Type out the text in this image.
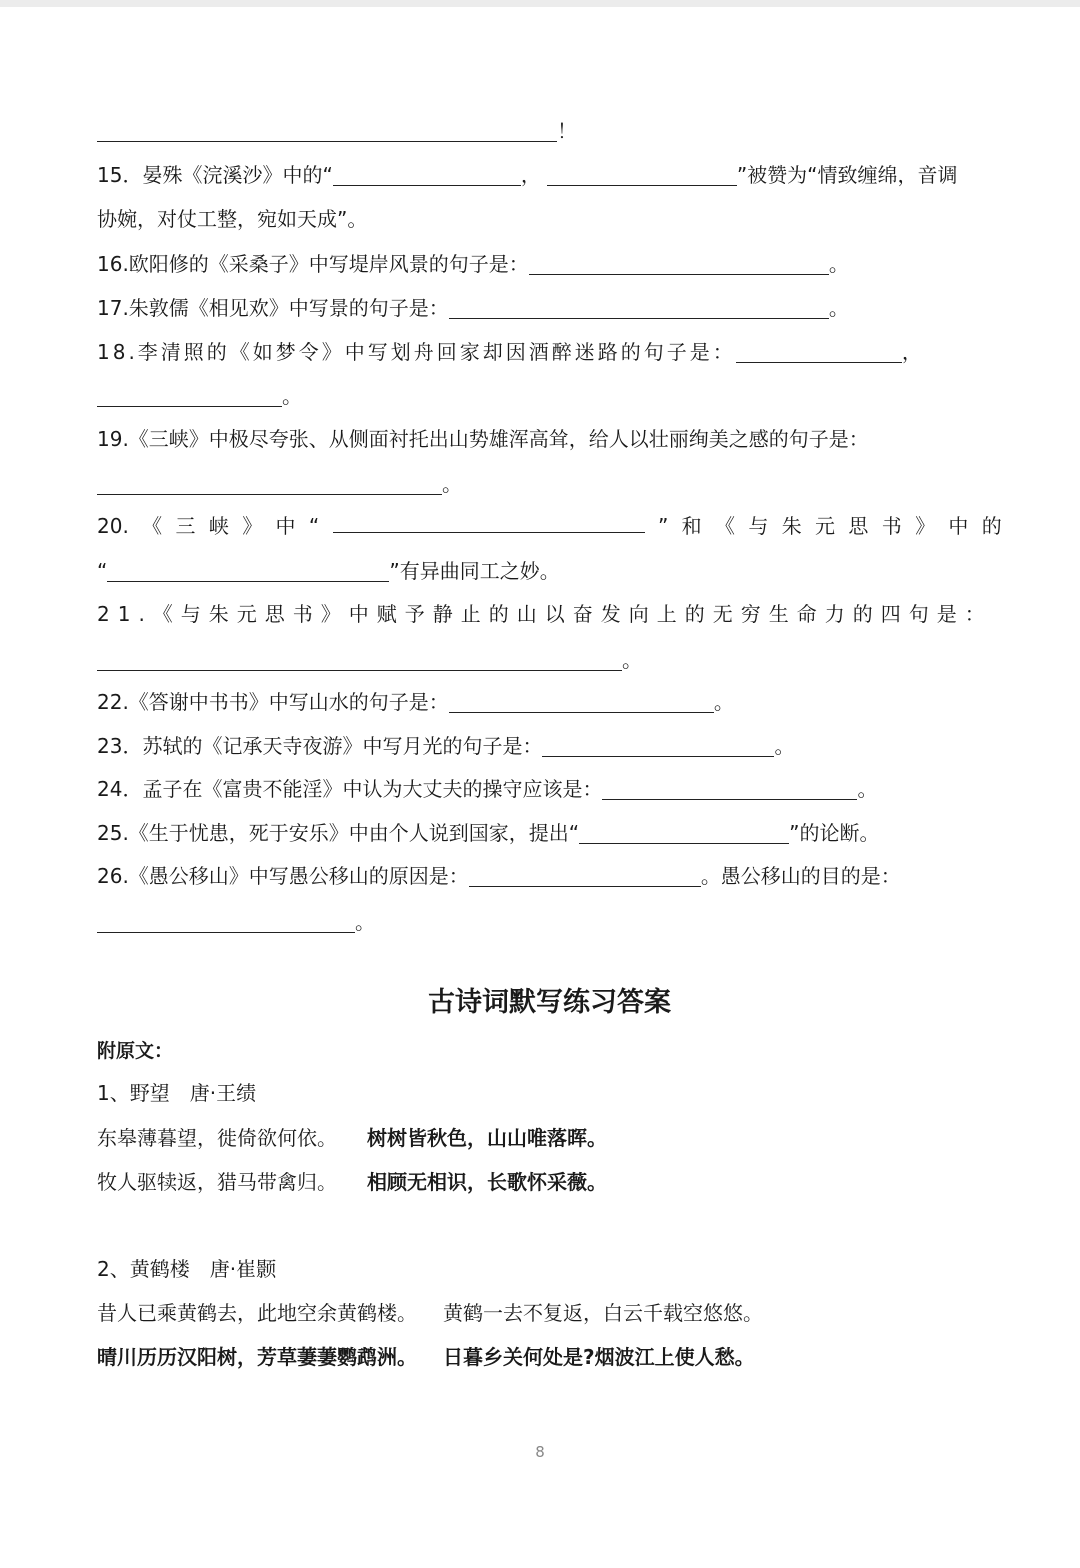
！
15．晏殊《浣溪沙》中的“	，	”被赞为“情致缠绵，音调
协婉，对仗工整，宛如天成”。
16.欧阳修的《采桑子》中写堤岸风景的句子是：	。
17.朱敦儒《相见欢》中写景的句子是：	。
18.李清照的《如梦令》中写划舟回家却因酒醉迷路的句子是：	，
。
19.《三峡》中极尽夸张、从侧面衬托出山势雄浑高耸，给人以壮丽绚美之感的句子是：
。
20. 《 三 峡 》 中 “	” 和 《 与 朱 元 思 书 》 中 的
“	”有异曲同工之妙。
21.《与朱元思书》中赋予静止的山以奋发向上的无穷生命力的四句是：
。
22.《答谢中书书》中写山水的句子是：	。
23．苏轼的《记承天寺夜游》中写月光的句子是：	。
24．孟子在《富贵不能淫》中认为大丈夫的操守应该是：	。
25.《生于忧患，死于安乐》中由个人说到国家，提出“	”的论断。
26.《愚公移山》中写愚公移山的原因是：	。愚公移山的目的是：
。
古诗词默写练习答案
附原文：
1、野望　唐·王绩
东皋薄暮望，徙倚欲何依。 树树皆秋色，山山唯落晖。
牧人驱犊返，猎马带禽归。 相顾无相识，长歌怀采薇。
2、黄鹤楼　唐·崔颢
昔人已乘黄鹤去，此地空余黄鹤楼。 黄鹤一去不复返，白云千载空悠悠。
晴川历历汉阳树，芳草萋萋鹦鹉洲。 日暮乡关何处是?烟波江上使人愁。
8
